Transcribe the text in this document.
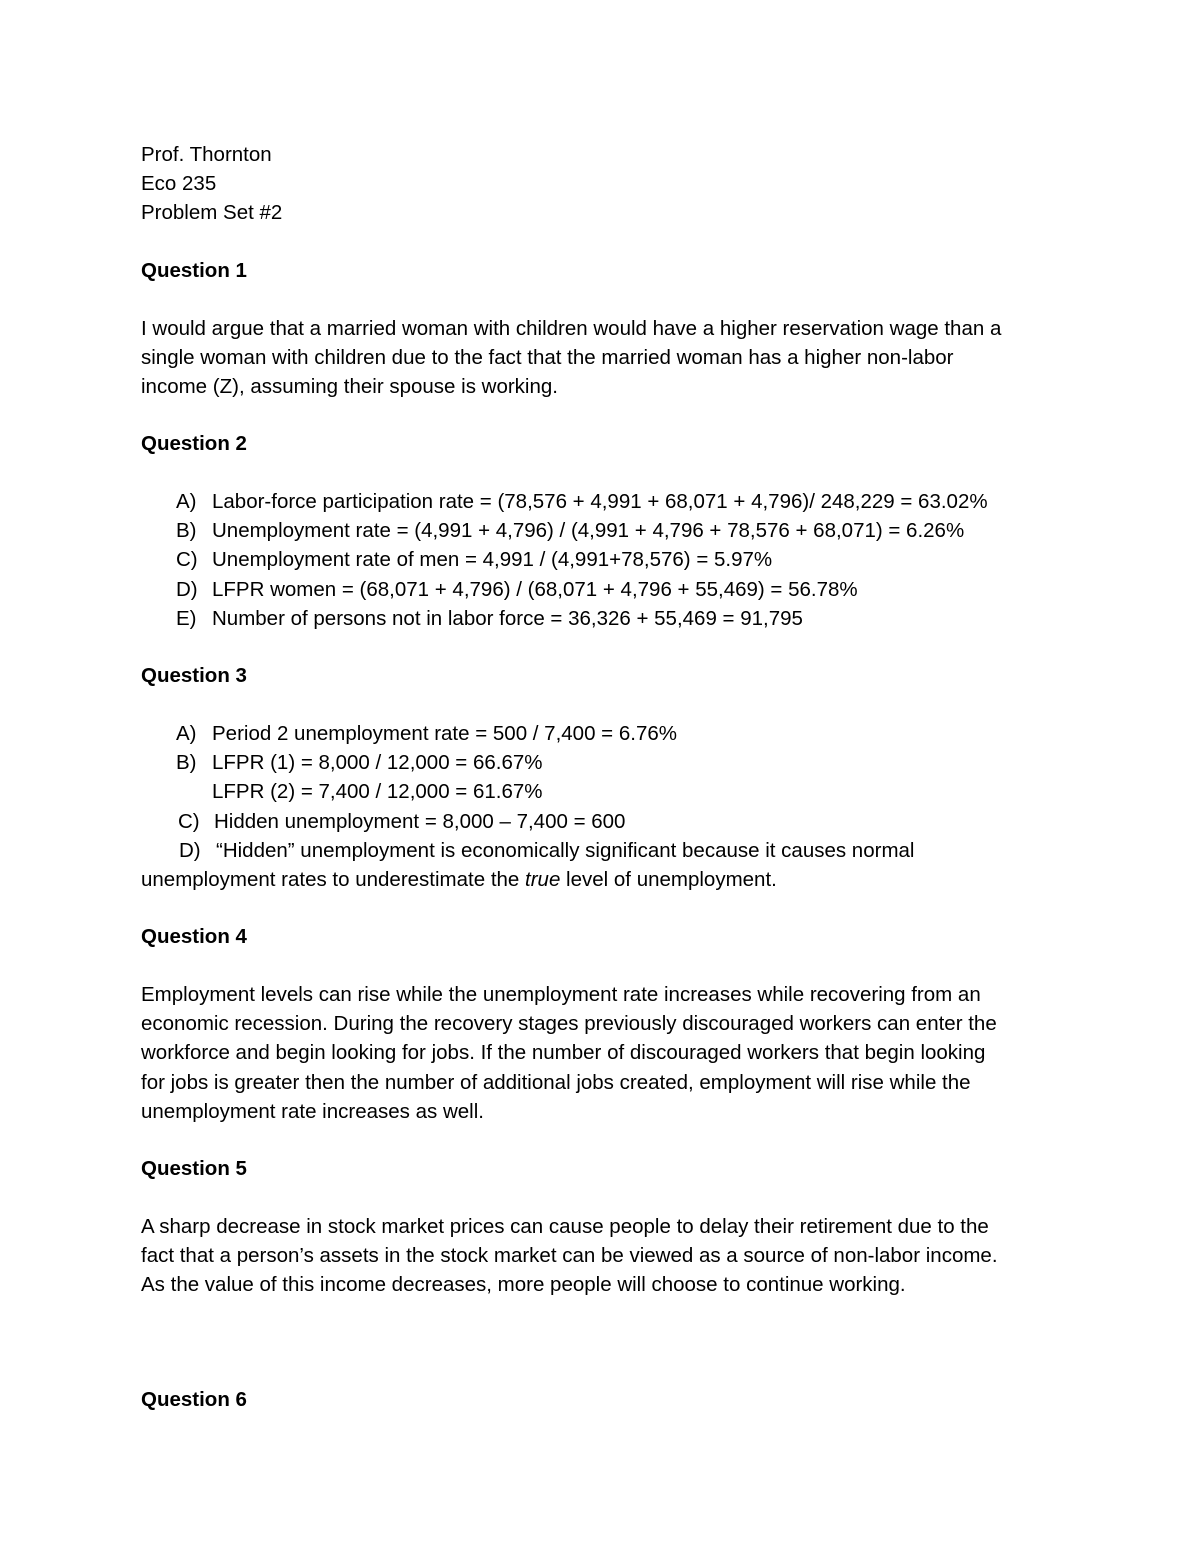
Prof. Thornton
Eco 235
Problem Set #2
Question 1
I would argue that a married woman with children would have a higher reservation wage than a
single woman with children due to the fact that the married woman has a higher non-labor
income (Z), assuming their spouse is working.
Question 2
A) Labor-force participation rate = (78,576 + 4,991 + 68,071 + 4,796)/ 248,229 = 63.02%
B) Unemployment rate = (4,991 + 4,796) / (4,991 + 4,796 + 78,576 + 68,071) = 6.26%
C) Unemployment rate of men = 4,991 / (4,991+78,576) = 5.97%
D) LFPR women = (68,071 + 4,796) / (68,071 + 4,796 + 55,469) = 56.78%
E) Number of persons not in labor force = 36,326 + 55,469 = 91,795
Question 3
A) Period 2 unemployment rate = 500 / 7,400 = 6.76%
B) LFPR (1) = 8,000 / 12,000 = 66.67%
LFPR (2) = 7,400 / 12,000 = 61.67%
C) Hidden unemployment = 8,000 – 7,400 = 600
D) “Hidden” unemployment is economically significant because it causes normal
unemployment rates to underestimate the true level of unemployment.
Question 4
Employment levels can rise while the unemployment rate increases while recovering from an
economic recession. During the recovery stages previously discouraged workers can enter the
workforce and begin looking for jobs. If the number of discouraged workers that begin looking
for jobs is greater then the number of additional jobs created, employment will rise while the
unemployment rate increases as well.
Question 5
A sharp decrease in stock market prices can cause people to delay their retirement due to the
fact that a person’s assets in the stock market can be viewed as a source of non-labor income.
As the value of this income decreases, more people will choose to continue working.
Question 6
